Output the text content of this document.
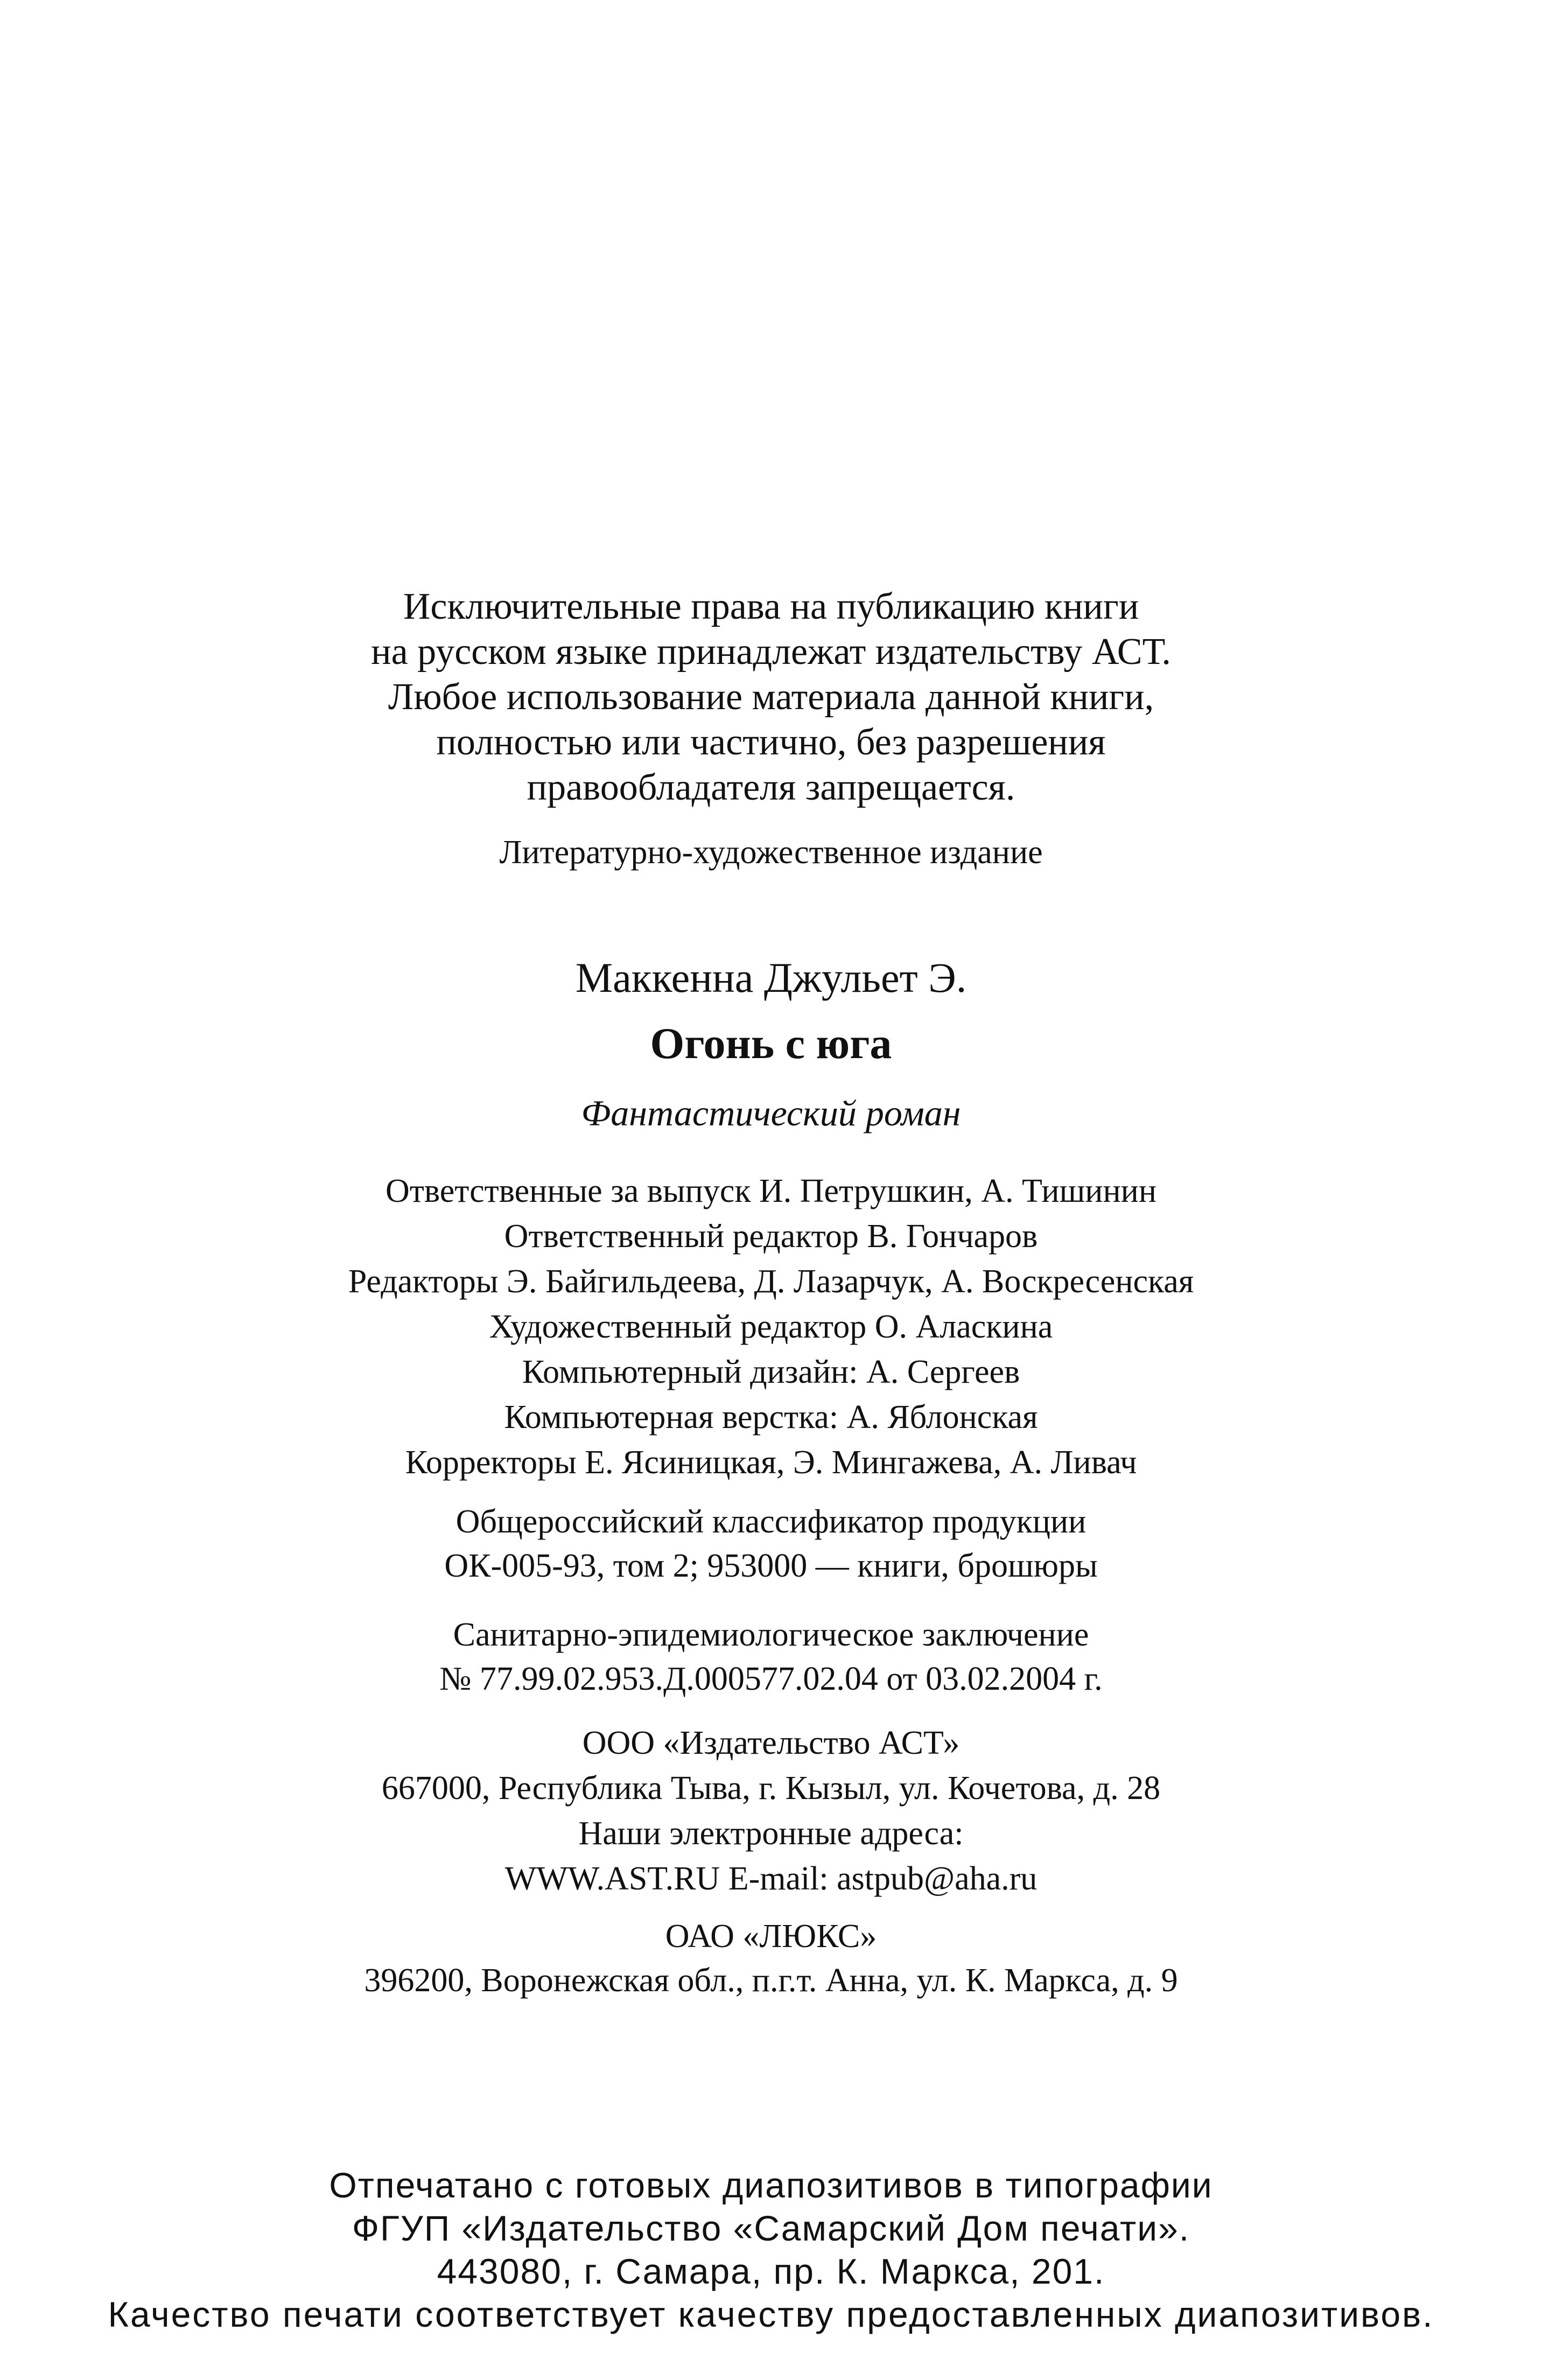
Исключительные права на публикацию книги
на русском языке принадлежат издательству АСТ.
Любое использование материала данной книги,
полностью или частично, без разрешения
правообладателя запрещается.
Литературно-художественное издание
Маккенна Джульет Э.
Огонь с юга
Фантастический роман
Ответственные за выпуск И. Петрушкин, А. Тишинин
Ответственный редактор В. Гончаров
Редакторы Э. Байгильдеева, Д. Лазарчук, А. Воскресенская
Художественный редактор О. Аласкина
Компьютерный дизайн: А. Сергеев
Компьютерная верстка: А. Яблонская
Корректоры Е. Ясиницкая, Э. Мингажева, А. Ливач
Общероссийский классификатор продукции
ОК-005-93, том 2; 953000 — книги, брошюры
Санитарно-эпидемиологическое заключение
№ 77.99.02.953.Д.000577.02.04 от 03.02.2004 г.
ООО «Издательство АСТ»
667000, Республика Тыва, г. Кызыл, ул. Кочетова, д. 28
Наши электронные адреса:
WWW.AST.RU E-mail: astpub@aha.ru
ОАО «ЛЮКС»
396200, Воронежская обл., п.г.т. Анна, ул. К. Маркса, д. 9
Отпечатано с готовых диапозитивов в типографии
ФГУП «Издательство «Самарский Дом печати».
443080, г. Самара, пр. К. Маркса, 201.
Качество печати соответствует качеству предоставленных диапозитивов.
